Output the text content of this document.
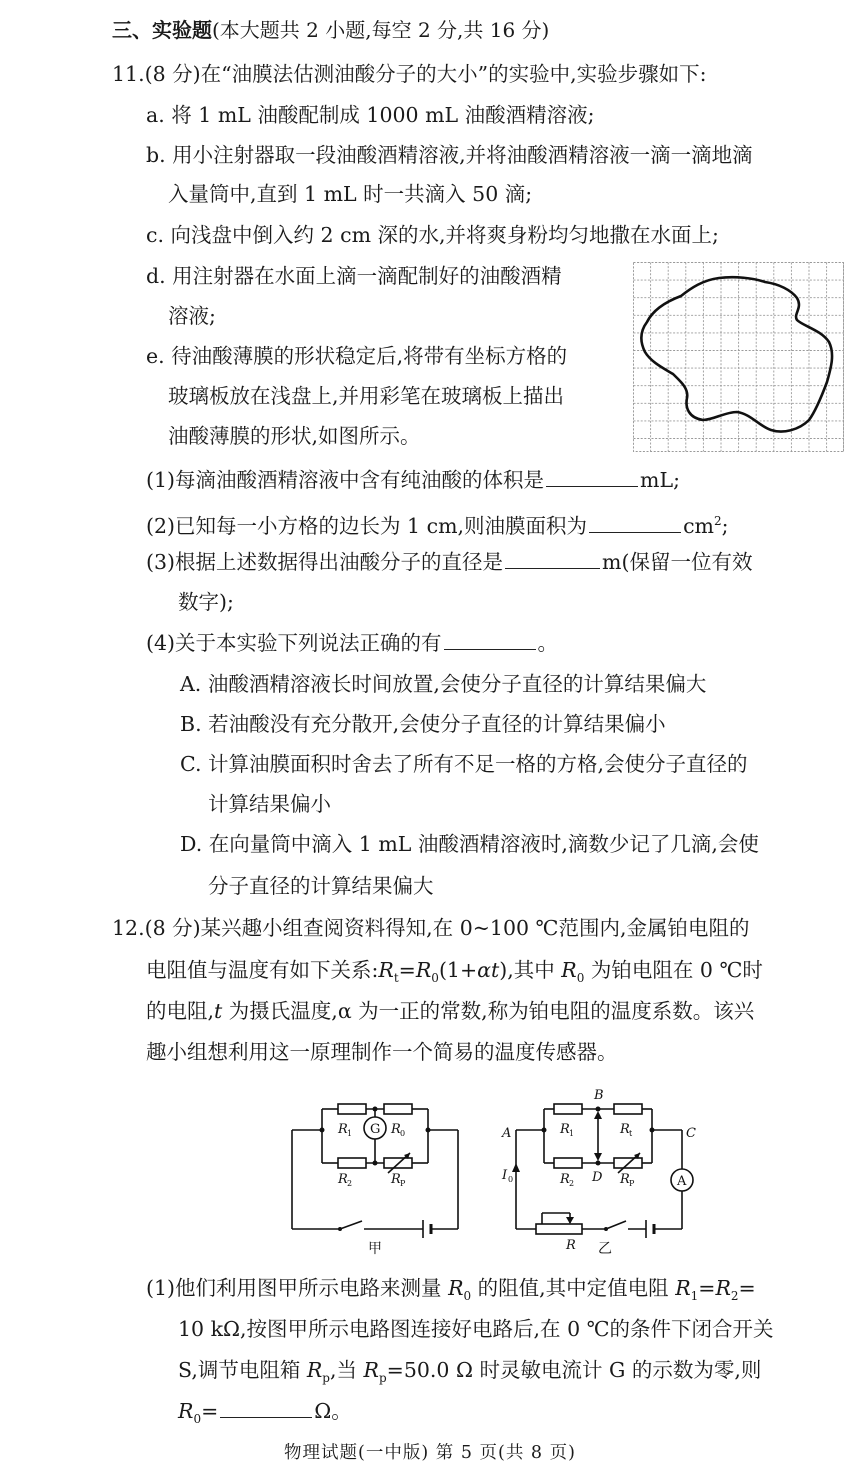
三、实验题(本大题共 2 小题,每空 2 分,共 16 分)
11.(8 分)在“油膜法估测油酸分子的大小”的实验中,实验步骤如下:
a. 将 1 mL 油酸配制成 1000 mL 油酸酒精溶液;
b. 用小注射器取一段油酸酒精溶液,并将油酸酒精溶液一滴一滴地滴
入量筒中,直到 1 mL 时一共滴入 50 滴;
c. 向浅盘中倒入约 2 cm 深的水,并将爽身粉均匀地撒在水面上;
d. 用注射器在水面上滴一滴配制好的油酸酒精
溶液;
e. 待油酸薄膜的形状稳定后,将带有坐标方格的
玻璃板放在浅盘上,并用彩笔在玻璃板上描出
油酸薄膜的形状,如图所示。
(1)每滴油酸酒精溶液中含有纯油酸的体积是	mL;
(2)已知每一小方格的边长为 1 cm,则油膜面积为	$cm^2$;
(3)根据上述数据得出油酸分子的直径是	m(保留一位有效
数字);
(4)关于本实验下列说法正确的有	。
A. 油酸酒精溶液长时间放置,会使分子直径的计算结果偏大
B. 若油酸没有充分散开,会使分子直径的计算结果偏小
C. 计算油膜面积时舍去了所有不足一格的方格,会使分子直径的
计算结果偏小
D. 在向量筒中滴入 1 mL 油酸酒精溶液时,滴数少记了几滴,会使
分子直径的计算结果偏大
12.(8 分)某兴趣小组查阅资料得知,在 0~100 ℃范围内,金属铂电阻的
电阻值与温度有如下关系$:R_t=R_0(1+\alpha t)$,其中 $R_0$ 为铂电阻在 0 ℃时
的电阻,t 为摄氏温度,α 为一正的常数,称为铂电阻的温度系数。该兴
趣小组想利用这一原理制作一个简易的温度传感器。
R 1	R 0
R 2	R P
G
甲
R 1	R t
R 2	R P	A
B
D
A	C
I 0
R 乙
(1)他们利用图甲所示电路来测量 $R_0$ 的阻值,其中定值电阻 $R_1=R_2=$
10 kΩ,按图甲所示电路图连接好电路后,在 0 ℃的条件下闭合开关
S,调节电阻箱 $R_p$,当 $R_p=50.0$ Ω 时灵敏电流计 G 的示数为零,则
$R_0=$	Ω。
物理试题(一中版) 第 5 页(共 8 页)
